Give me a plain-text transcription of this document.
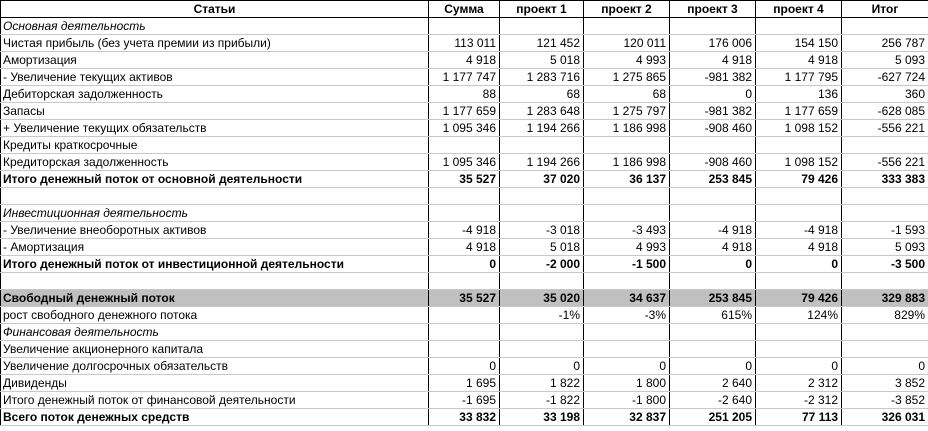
Статьи	Сумма	проект 1	проект 2	проект 3	проект 4	Итог
Основная деятельность						
Чистая прибыль (без учета премии из прибыли)	113 011	121 452	120 011	176 006	154 150	256 787
Амортизация	4 918	5 018	4 993	4 918	4 918	5 093
- Увеличение текущих активов	1 177 747	1 283 716	1 275 865	-981 382	1 177 795	-627 724
Дебиторская задолженность	88	68	68	0	136	360
Запасы	1 177 659	1 283 648	1 275 797	-981 382	1 177 659	-628 085
+ Увеличение текущих обязательств	1 095 346	1 194 266	1 186 998	-908 460	1 098 152	-556 221
Кредиты краткосрочные						
Кредиторская задолженность	1 095 346	1 194 266	1 186 998	-908 460	1 098 152	-556 221
Итого денежный поток от основной деятельности	35 527	37 020	36 137	253 845	79 426	333 383

Инвестиционная деятельность						
- Увеличение внеоборотных активов	-4 918	-3 018	-3 493	-4 918	-4 918	-1 593
- Амортизация	4 918	5 018	4 993	4 918	4 918	5 093
Итого денежный поток от инвестиционной деятельности	0	-2 000	-1 500	0	0	-3 500

Свободный денежный поток	35 527	35 020	34 637	253 845	79 426	329 883
рост свободного денежного потока		-1%	-3%	615%	124%	829%
Финансовая деятельность						
Увеличение акционерного капитала						
Увеличение долгосрочных обязательств	0	0	0	0	0	0
Дивиденды	1 695	1 822	1 800	2 640	2 312	3 852
Итого денежный поток от финансовой деятельности	-1 695	-1 822	-1 800	-2 640	-2 312	-3 852
Всего поток денежных средств	33 832	33 198	32 837	251 205	77 113	326 031
